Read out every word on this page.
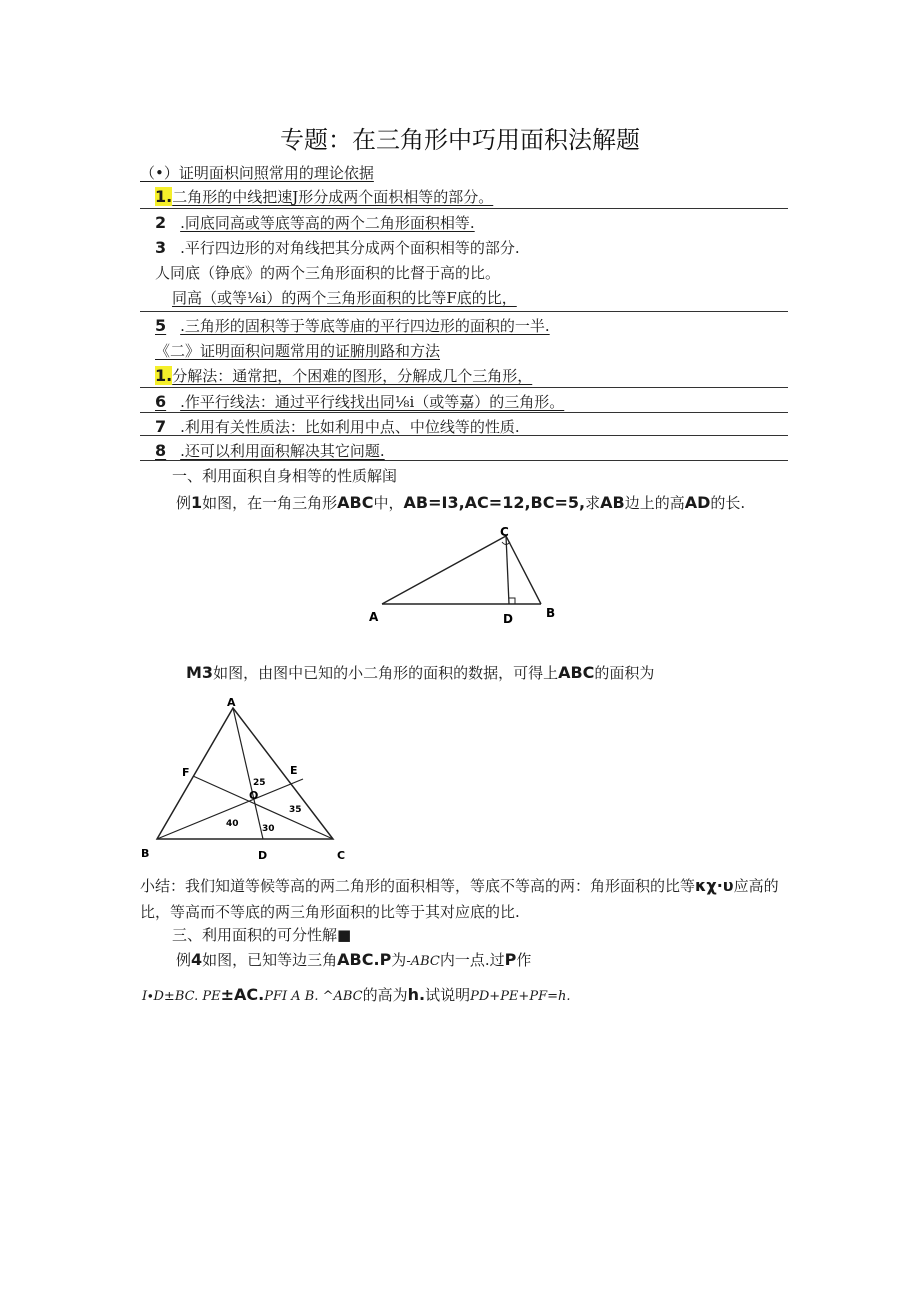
专题：在三角形中巧用面积法解题
（•）证明面枳问照常用的理论依据
1.二角形的中线把速J形分成两个面枳相等的部分。
2 .同底同高或等底等高的两个二角形面积相等.
3 .平行四边形的对角线把其分成两个面积相等的部分.
人同底（铮底》的两个三角形面积的比督于高的比。
同高（或等⅛i）的两个三角形面积的比等F底的比，
5 .三角形的固积等于等底等庙的平行四边形的面积的一半.
《二》证明面积问题常用的证腑刖路和方法
1.分解法：通常把，个困难的图形，分解成几个三角形，
6 .作平行线法：通过平行线找出同⅛i（或等嘉）的三角形。
7 .利用有关性质法：比如利用中点、中位线等的性质.
8 .还可以利用面积解决其它问题.
一、利用面积自身相等的性质解闺
例1如图，在一角三角形ABC中，AB=I3,AC=12,BC=5,求AB边上的高AD的长.
A	B
C
D
M3如图，由图中已知的小二角形的面积的数据，可得上ABC的面积为
A
B	C
D
E
F
O
25
35
40	30
小结：我们知道等候等高的两二角形的面积相等，等底不等高的两：角形面积的比等κχ·υ应高的
比，等高而不等底的两三角形面积的比等于其对应底的比.
三、利用面积的可分性解■
例4如图，已知等边三角ABC.P为-ABC内一点.过P作
I∙D±BC. PE±AC.PFI A B. ^ABC的高为h.试说明PD+PE+PF=h.
